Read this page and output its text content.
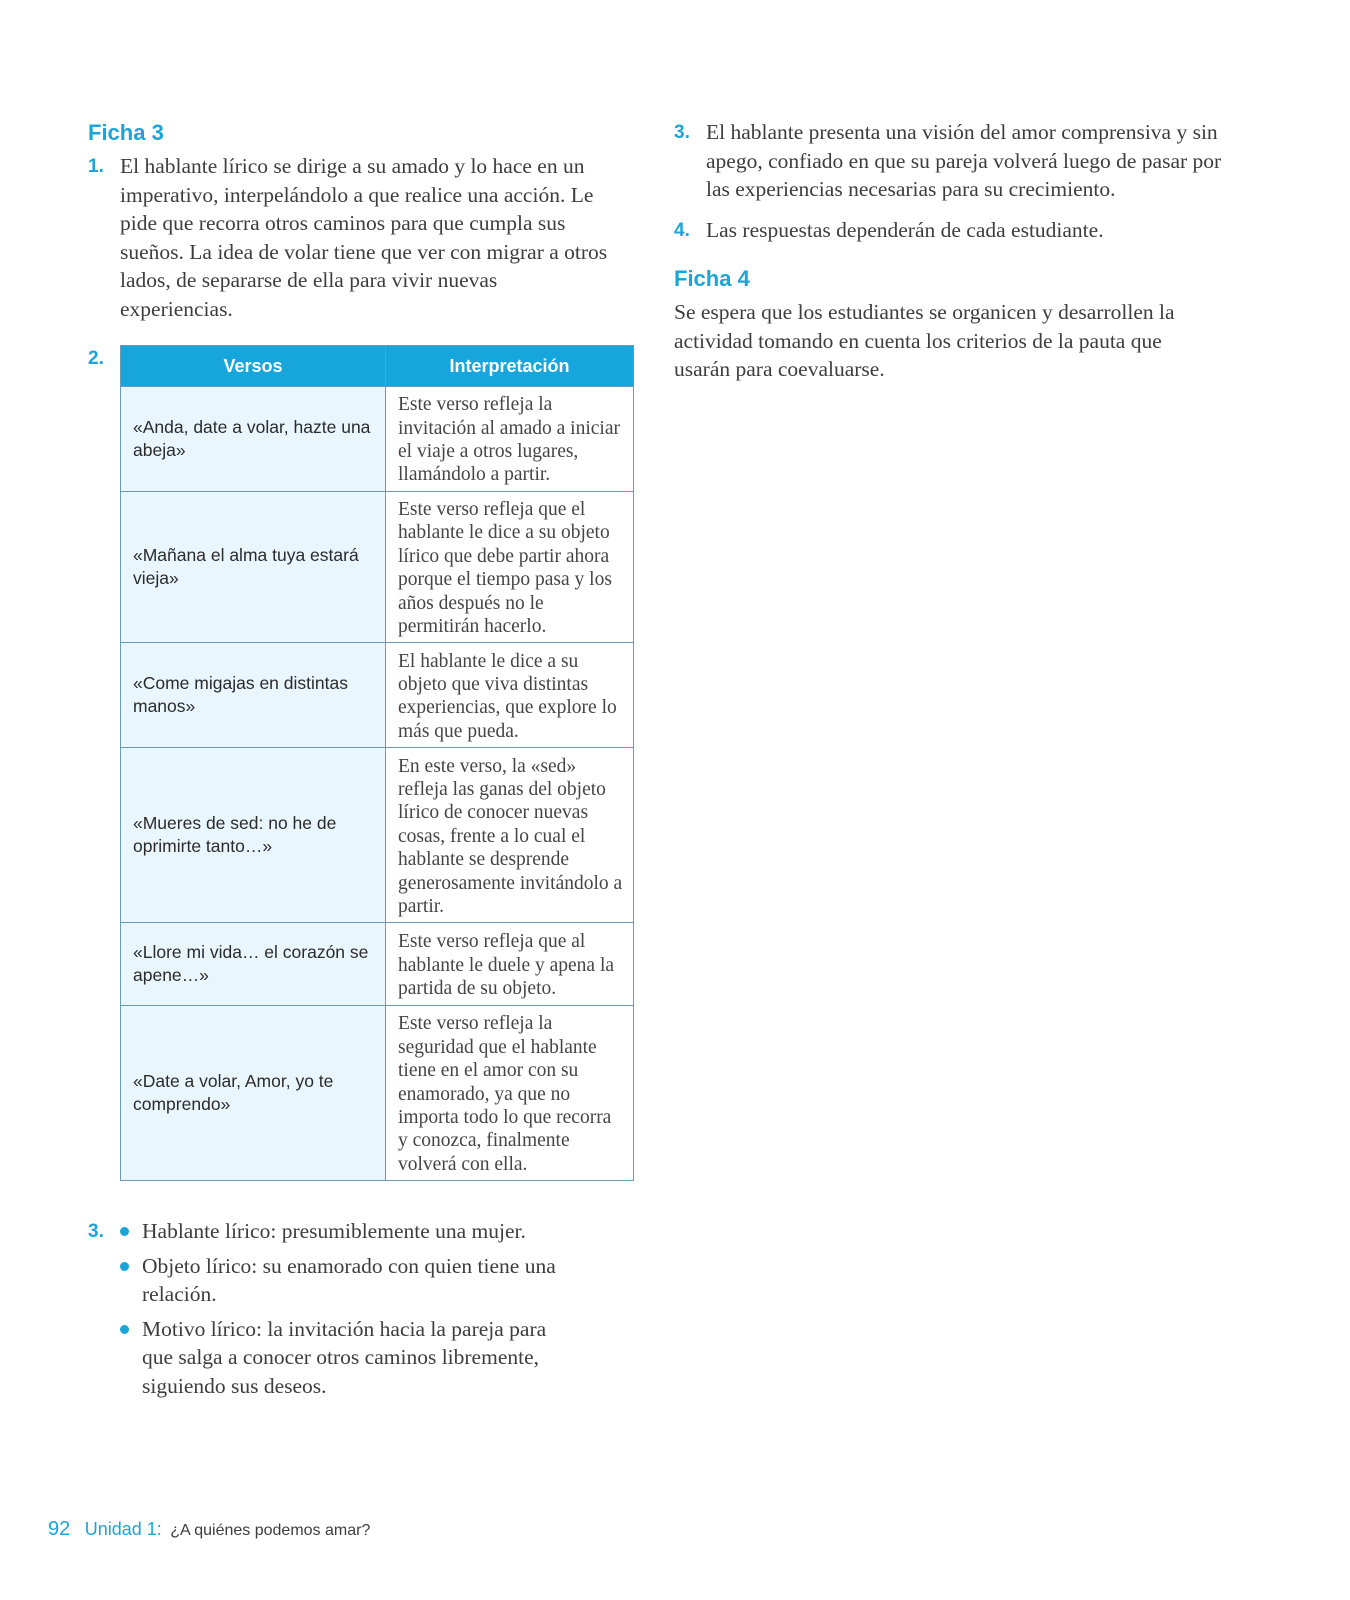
Ficha 3
1. El hablante lírico se dirige a su amado y lo hace en un imperativo, interpelándolo a que realice una acción. Le pide que recorra otros caminos para que cumpla sus sueños. La idea de volar tiene que ver con migrar a otros lados, de separarse de ella para vivir nuevas experiencias.
2.	Versos	Interpretación
«Anda, date a volar, hazte una abeja»	Este verso refleja la invitación al amado a iniciar el viaje a otros lugares, llamándolo a partir.
«Mañana el alma tuya estará vieja»	Este verso refleja que el hablante le dice a su objeto lírico que debe partir ahora porque el tiempo pasa y los años después no le permitirán hacerlo.
«Come migajas en distintas manos»	El hablante le dice a su objeto que viva distintas experiencias, que explore lo más que pueda.
«Mueres de sed: no he de oprimirte tanto…»	En este verso, la «sed» refleja las ganas del objeto lírico de conocer nuevas cosas, frente a lo cual el hablante se desprende generosamente invitándolo a partir.
«Llore mi vida… el corazón se apene…»	Este verso refleja que al hablante le duele y apena la partida de su objeto.
«Date a volar, Amor, yo te comprendo»	Este verso refleja la seguridad que el hablante tiene en el amor con su enamorado, ya que no importa todo lo que recorra y conozca, finalmente volverá con ella.
3.	Hablante lírico: presumiblemente una mujer.
Objeto lírico: su enamorado con quien tiene una relación.
Motivo lírico: la invitación hacia la pareja para que salga a conocer otros caminos libremente, siguiendo sus deseos.
3. El hablante presenta una visión del amor comprensiva y sin apego, confiado en que su pareja volverá luego de pasar por las experiencias necesarias para su crecimiento.
4. Las respuestas dependerán de cada estudiante.
Ficha 4
Se espera que los estudiantes se organicen y desarrollen la actividad tomando en cuenta los criterios de la pauta que usarán para coevaluarse.
92 Unidad 1: ¿A quiénes podemos amar?
